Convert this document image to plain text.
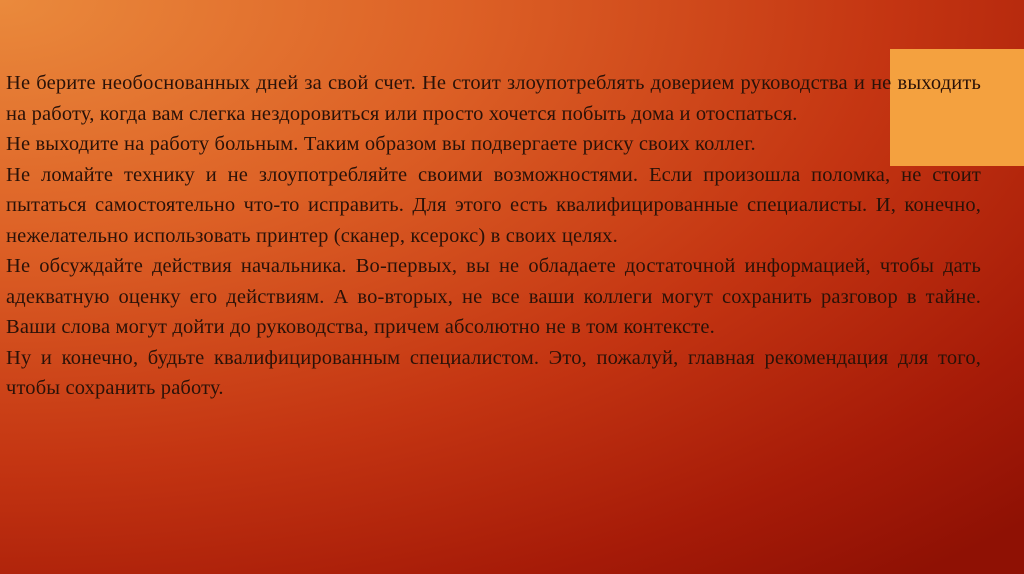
Не берите необоснованных дней за свой счет. Не стоит злоупотреблять доверием руководства и не выходить на работу, когда вам слегка нездоровиться или просто хочется побыть дома и отоспаться.

Не выходите на работу больным. Таким образом вы подвергаете риску своих коллег.

Не ломайте технику и не злоупотребляйте своими возможностями. Если произошла поломка, не стоит пытаться самостоятельно что-то исправить. Для этого есть квалифицированные специалисты. И, конечно, нежелательно использовать принтер (сканер, ксерокс) в своих целях.

Не обсуждайте действия начальника. Во-первых, вы не обладаете достаточной информацией, чтобы дать адекватную оценку его действиям. А во-вторых, не все ваши коллеги могут сохранить разговор в тайне. Ваши слова могут дойти до руководства, причем абсолютно не в том контексте.

Ну и конечно, будьте квалифицированным специалистом. Это, пожалуй, главная рекомендация для того, чтобы сохранить работу.
